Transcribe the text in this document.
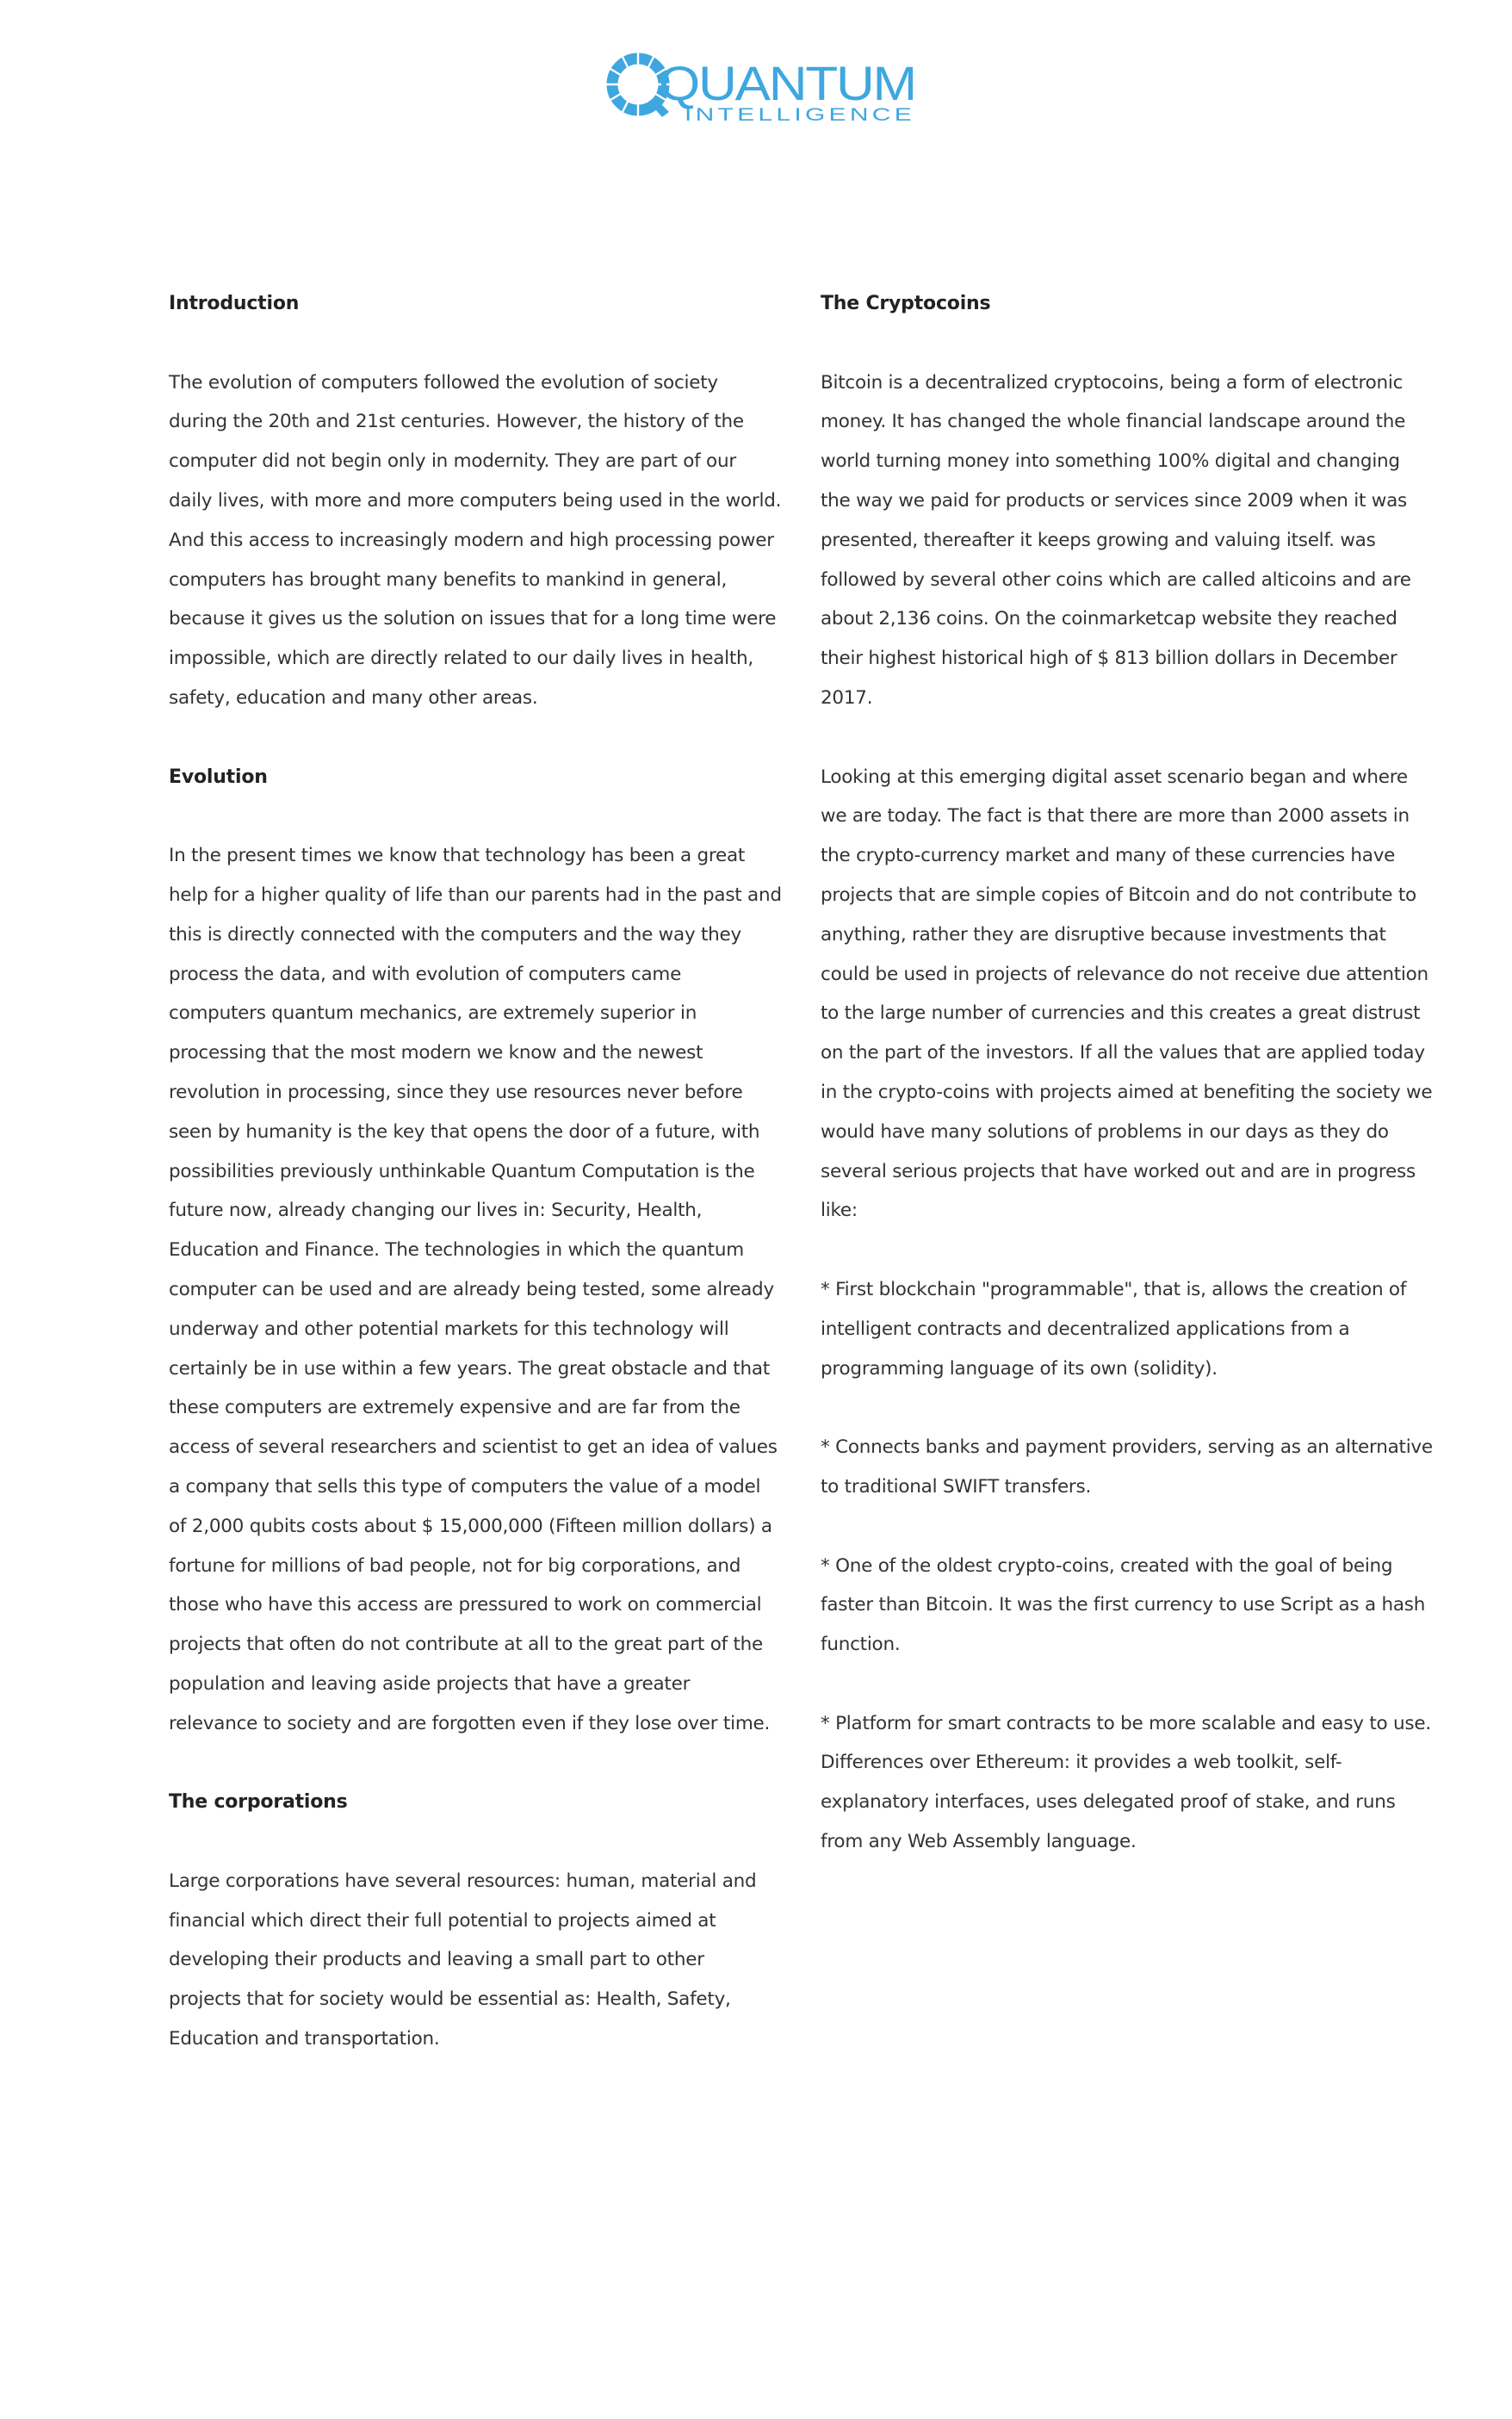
QUANTUM
INTELLIGENCE
Introduction

The evolution of computers followed the evolution of society during the 20th and 21st centuries. However, the history of the computer did not begin only in modernity. They are part of our daily lives, with more and more computers being used in the world. And this access to increasingly modern and high processing power computers has brought many benefits to mankind in general, because it gives us the solution on issues that for a long time were impossible, which are directly related to our daily lives in health, safety, education and many other areas.

Evolution

In the present times we know that technology has been a great help for a higher quality of life than our parents had in the past and this is directly connected with the computers and the way they process the data, and with evolution of computers came computers quantum mechanics, are extremely superior in processing that the most modern we know and the newest revolution in processing, since they use resources never before seen by humanity is the key that opens the door of a future, with possibilities previously unthinkable Quantum Computation is the future now, already changing our lives in: Security, Health, Education and Finance. The technologies in which the quantum computer can be used and are already being tested, some already underway and other potential markets for this technology will certainly be in use within a few years. The great obstacle and that these computers are extremely expensive and are far from the access of several researchers and scientist to get an idea of values a company that sells this type of computers the value of a model of 2,000 qubits costs about $ 15,000,000 (Fifteen million dollars) a fortune for millions of bad people, not for big corporations, and those who have this access are pressured to work on commercial projects that often do not contribute at all to the great part of the population and leaving aside projects that have a greater relevance to society and are forgotten even if they lose over time.

The corporations

Large corporations have several resources: human, material and financial which direct their full potential to projects aimed at developing their products and leaving a small part to other projects that for society would be essential as: Health, Safety, Education and transportation.

The Cryptocoins

Bitcoin is a decentralized cryptocoins, being a form of electronic money. It has changed the whole financial landscape around the world turning money into something 100% digital and changing the way we paid for products or services since 2009 when it was presented, thereafter it keeps growing and valuing itself. was followed by several other coins which are called alticoins and are about 2,136 coins. On the coinmarketcap website they reached their highest historical high of $ 813 billion dollars in December 2017.

Looking at this emerging digital asset scenario began and where we are today. The fact is that there are more than 2000 assets in the crypto-currency market and many of these currencies have projects that are simple copies of Bitcoin and do not contribute to anything, rather they are disruptive because investments that could be used in projects of relevance do not receive due attention to the large number of currencies and this creates a great distrust on the part of the investors. If all the values that are applied today in the crypto-coins with projects aimed at benefiting the society we would have many solutions of problems in our days as they do several serious projects that have worked out and are in progress like:

* First blockchain "programmable", that is, allows the creation of intelligent contracts and decentralized applications from a programming language of its own (solidity).

* Connects banks and payment providers, serving as an alternative to traditional SWIFT transfers.

* One of the oldest crypto-coins, created with the goal of being faster than Bitcoin. It was the first currency to use Script as a hash function.

* Platform for smart contracts to be more scalable and easy to use. Differences over Ethereum: it provides a web toolkit, self-explanatory interfaces, uses delegated proof of stake, and runs from any Web Assembly language.
